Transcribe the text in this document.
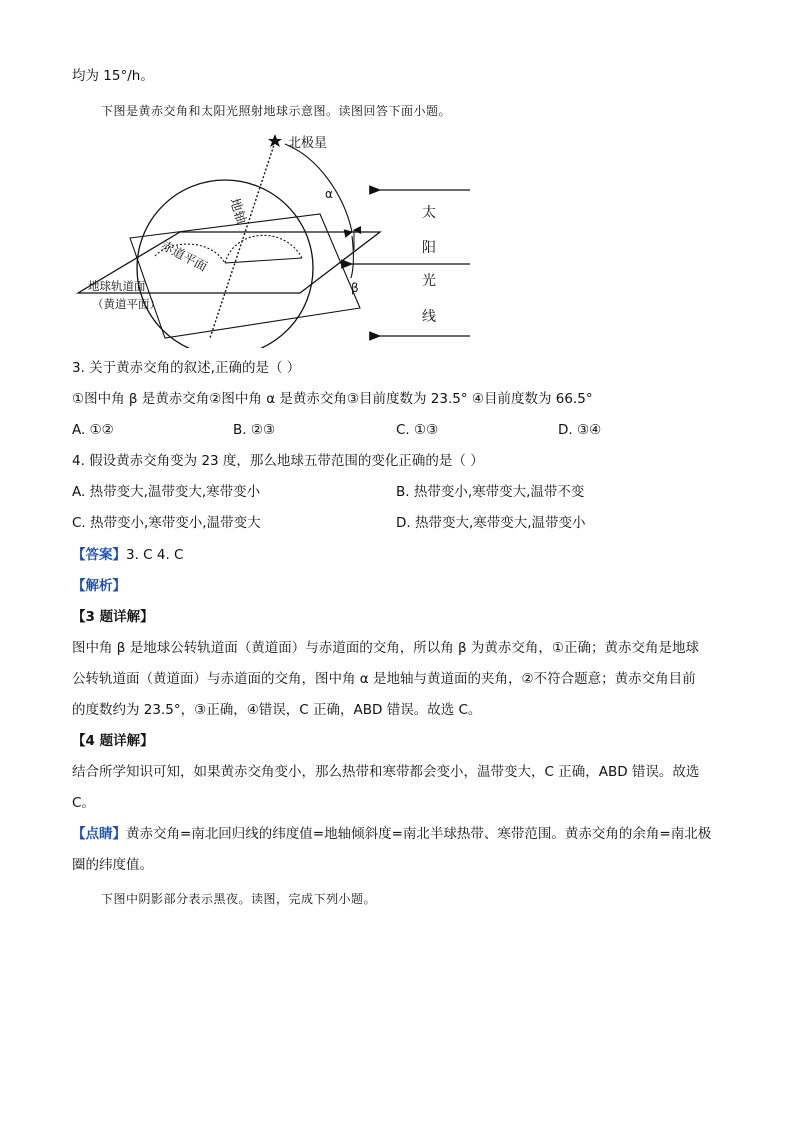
均为 15°/h。
下图是黄赤交角和太阳光照射地球示意图。读图回答下面小题。
北极星
α
β
地轴
赤道平面
地球轨道面
（黄道平面）
太
阳
光
线
3. 关于黄赤交角的叙述,正确的是（ ）
①图中角 β 是黄赤交角②图中角 α 是黄赤交角③目前度数为 23.5° ④目前度数为 66.5°
A. ①②	B. ②③	C. ①③	D. ③④
4. 假设黄赤交角变为 23 度，那么地球五带范围的变化正确的是（ ）
A. 热带变大,温带变大,寒带变小	B. 热带变小,寒带变大,温带不变
C. 热带变小,寒带变小,温带变大	D. 热带变大,寒带变大,温带变小
【答案】3. C 4. C
【解析】
【3 题详解】
图中角 β 是地球公转轨道面（黄道面）与赤道面的交角，所以角 β 为黄赤交角，①正确；黄赤交角是地球
公转轨道面（黄道面）与赤道面的交角，图中角 α 是地轴与黄道面的夹角，②不符合题意；黄赤交角目前
的度数约为 23.5°，③正确，④错误，C 正确，ABD 错误。故选 C。
【4 题详解】
结合所学知识可知，如果黄赤交角变小，那么热带和寒带都会变小，温带变大，C 正确，ABD 错误。故选
C。
【点睛】黄赤交角=南北回归线的纬度值=地轴倾斜度=南北半球热带、寒带范围。黄赤交角的余角=南北极
圈的纬度值。
下图中阴影部分表示黑夜。读图，完成下列小题。
